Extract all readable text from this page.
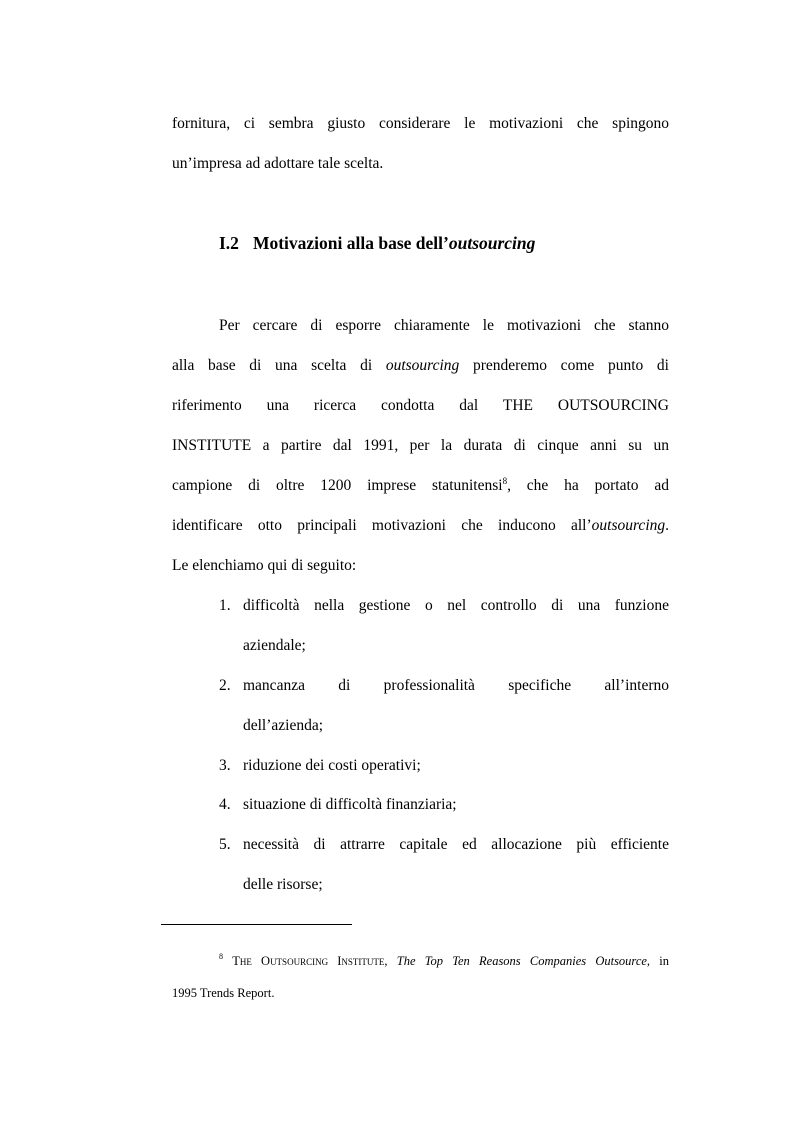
fornitura, ci sembra giusto considerare le motivazioni che spingono
un’impresa ad adottare tale scelta.
I.2 Motivazioni alla base dell’outsourcing
Per cercare di esporre chiaramente le motivazioni che stanno
alla base di una scelta di outsourcing prenderemo come punto di
riferimento una ricerca condotta dal THE OUTSOURCING
INSTITUTE a partire dal 1991, per la durata di cinque anni su un
campione di oltre 1200 imprese statunitensi$^8$, che ha portato ad
identificare otto principali motivazioni che inducono all’outsourcing.
Le elenchiamo qui di seguito:
1. difficoltà nella gestione o nel controllo di una funzione
aziendale;
2. mancanza di professionalità specifiche all’interno
dell’azienda;
3. riduzione dei costi operativi;
4. situazione di difficoltà finanziaria;
5. necessità di attrarre capitale ed allocazione più efficiente
delle risorse;
$^8$ The Outsourcing Institute, The Top Ten Reasons Companies Outsource, in
1995 Trends Report.
